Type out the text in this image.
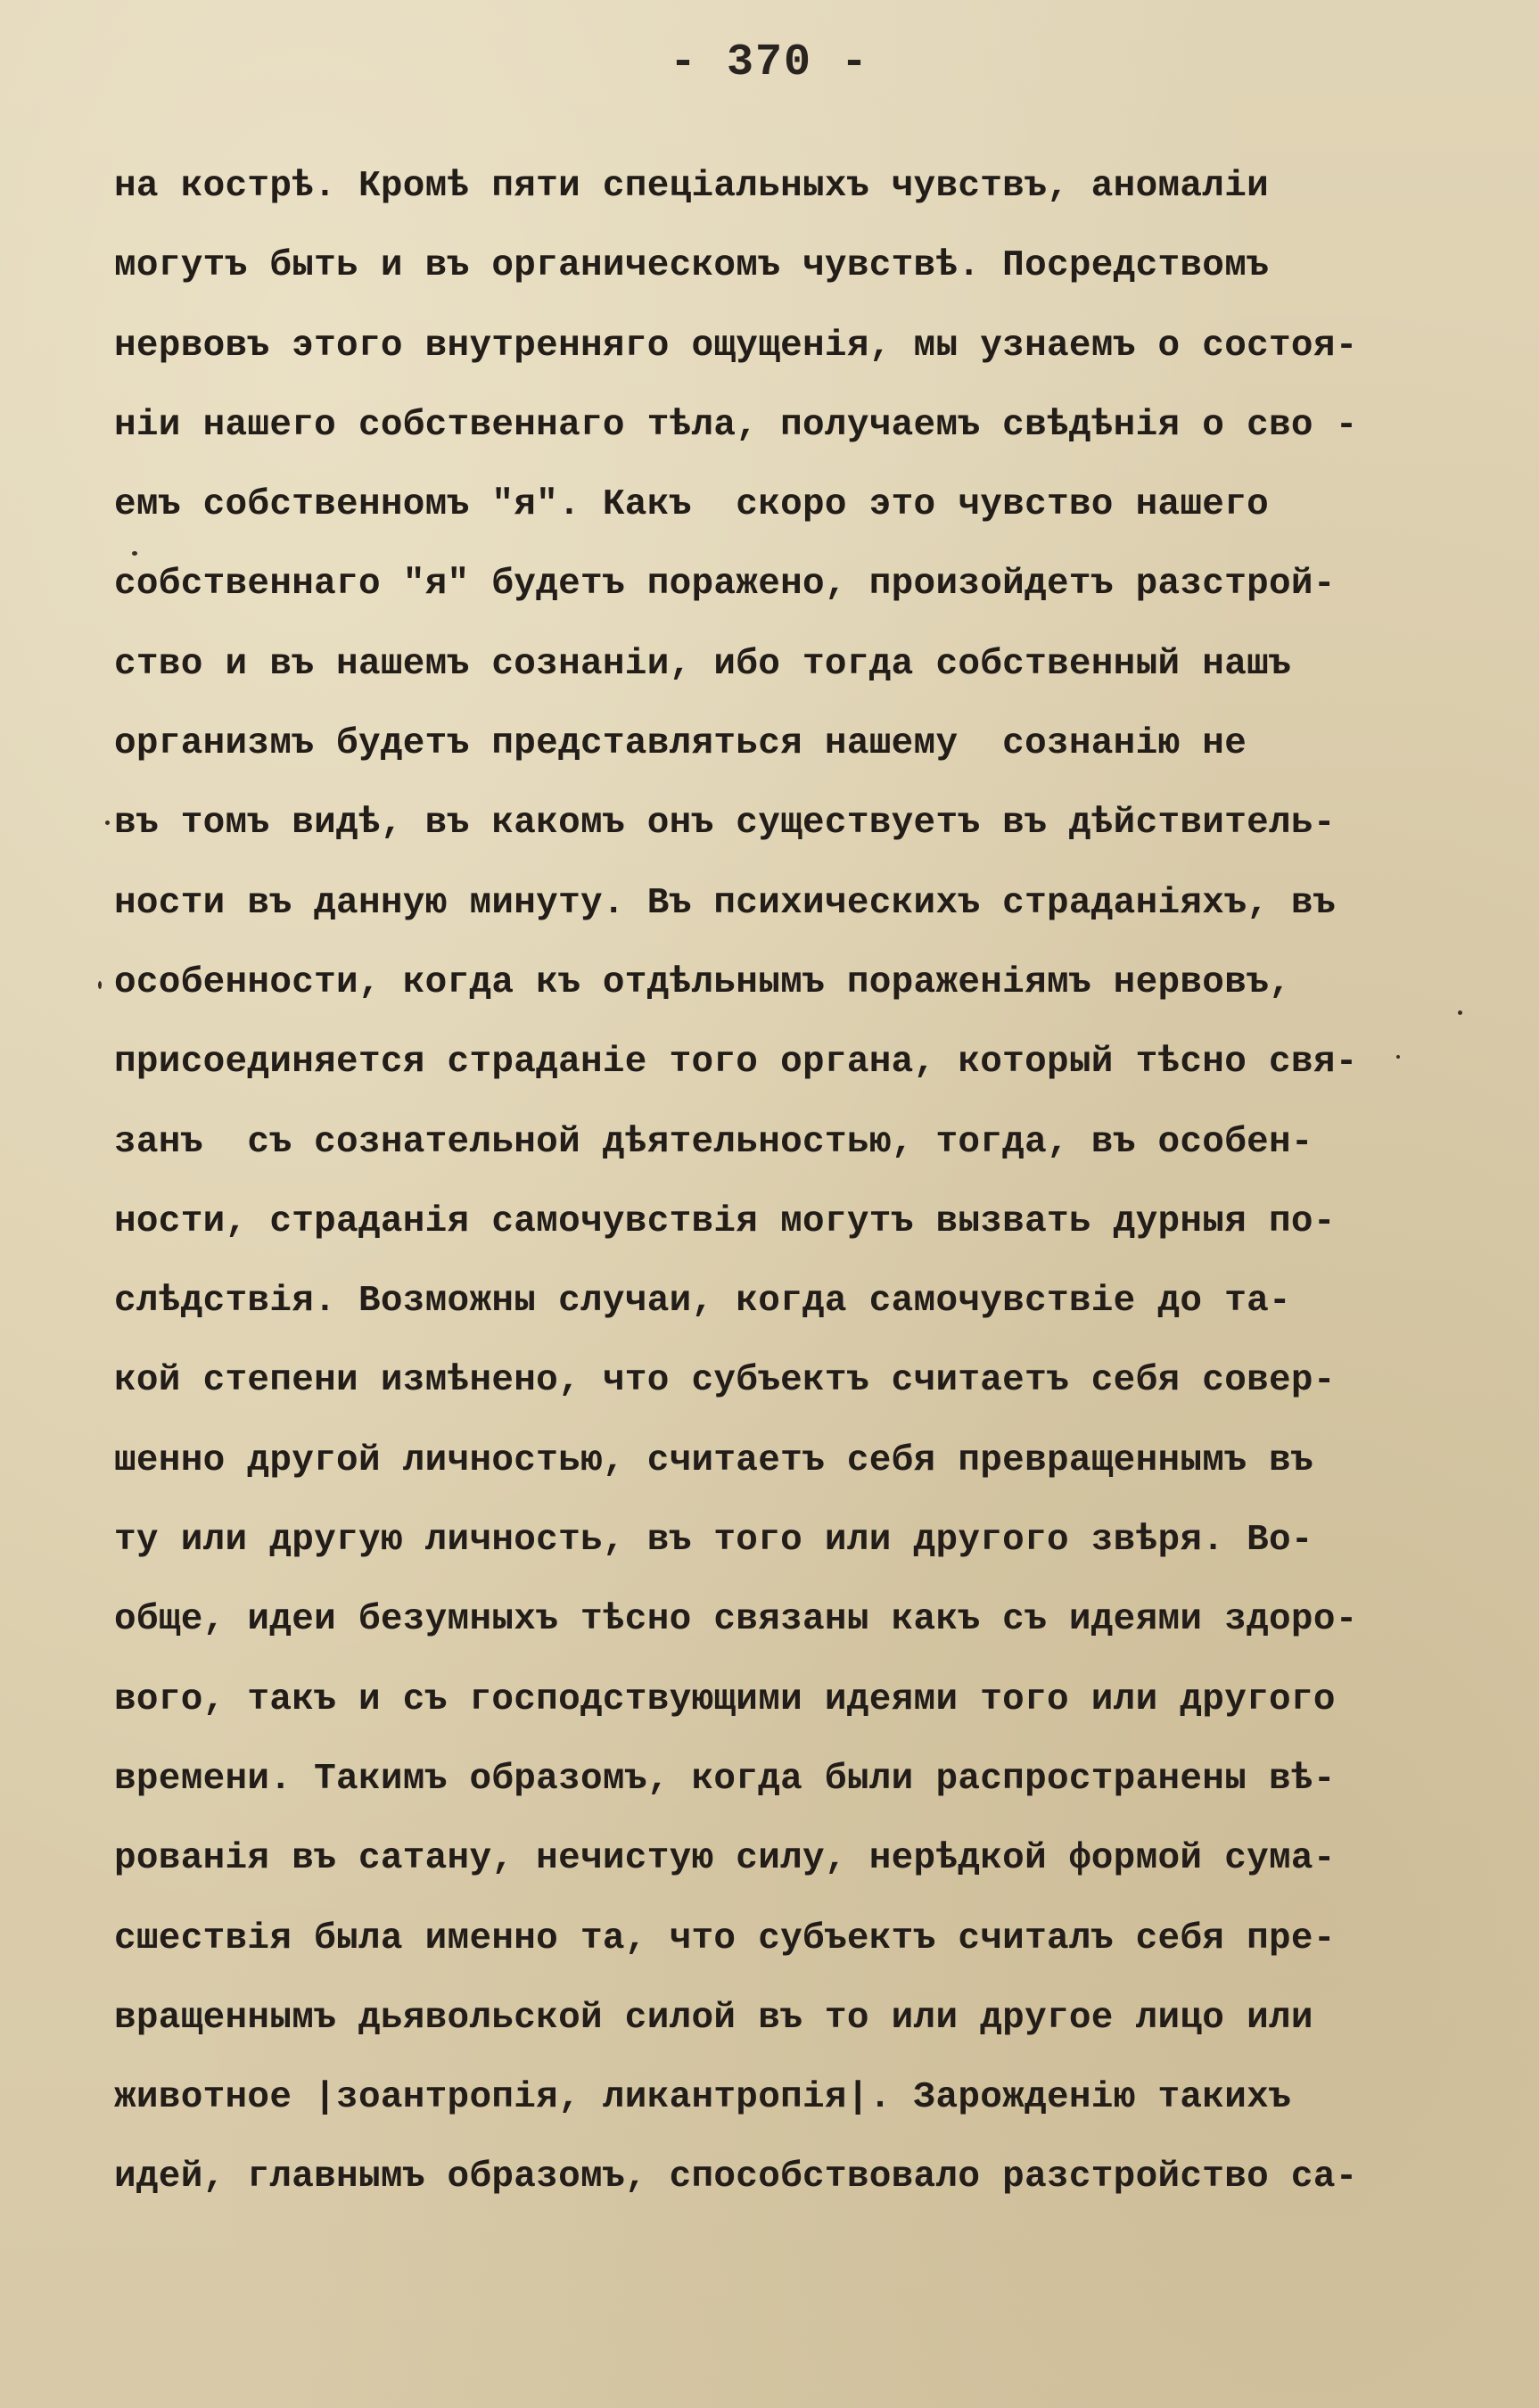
- 370 -
на кострѣ. Кромѣ пяти спецiальныхъ чувствъ, аномалiи
могутъ быть и въ органическомъ чувствѣ. Посредствомъ
нервовъ этого внутренняго ощущенiя, мы узнаемъ о состоя-
нiи нашего собственнаго тѣла, получаемъ свѣдѣнiя о сво -
емъ собственномъ "я". Какъ  скоро это чувство нашего
собственнаго "я" будетъ поражено, произойдетъ разстрой-
ство и въ нашемъ сознанiи, ибо тогда собственный нашъ
организмъ будетъ представляться нашему  сознанiю не
въ томъ видѣ, въ какомъ онъ существуетъ въ дѣйствитель-
ности въ данную минуту. Въ психическихъ страданiяхъ, въ
особенности, когда къ отдѣльнымъ пораженiямъ нервовъ,
присоединяется страданiе того органа, который тѣсно свя-
занъ  съ сознательной дѣятельностью, тогда, въ особен-
ности, страданiя самочувствiя могутъ вызвать дурныя по-
слѣдствiя. Возможны случаи, когда самочувствiе до та-
кой степени измѣнено, что субъектъ считаетъ себя совер-
шенно другой личностью, считаетъ себя превращеннымъ въ
ту или другую личность, въ того или другого звѣря. Во-
обще, идеи безумныхъ тѣсно связаны какъ съ идеями здоро-
вого, такъ и съ господствующими идеями того или другого
времени. Такимъ образомъ, когда были распространены вѣ-
рованiя въ сатану, нечистую силу, нерѣдкой формой сума-
сшествiя была именно та, что субъектъ считалъ себя пре-
вращеннымъ дьявольской силой въ то или другое лицо или
животное |зоантропiя, ликантропiя|. Зарожденiю такихъ
идей, главнымъ образомъ, способствовало разстройство са-
